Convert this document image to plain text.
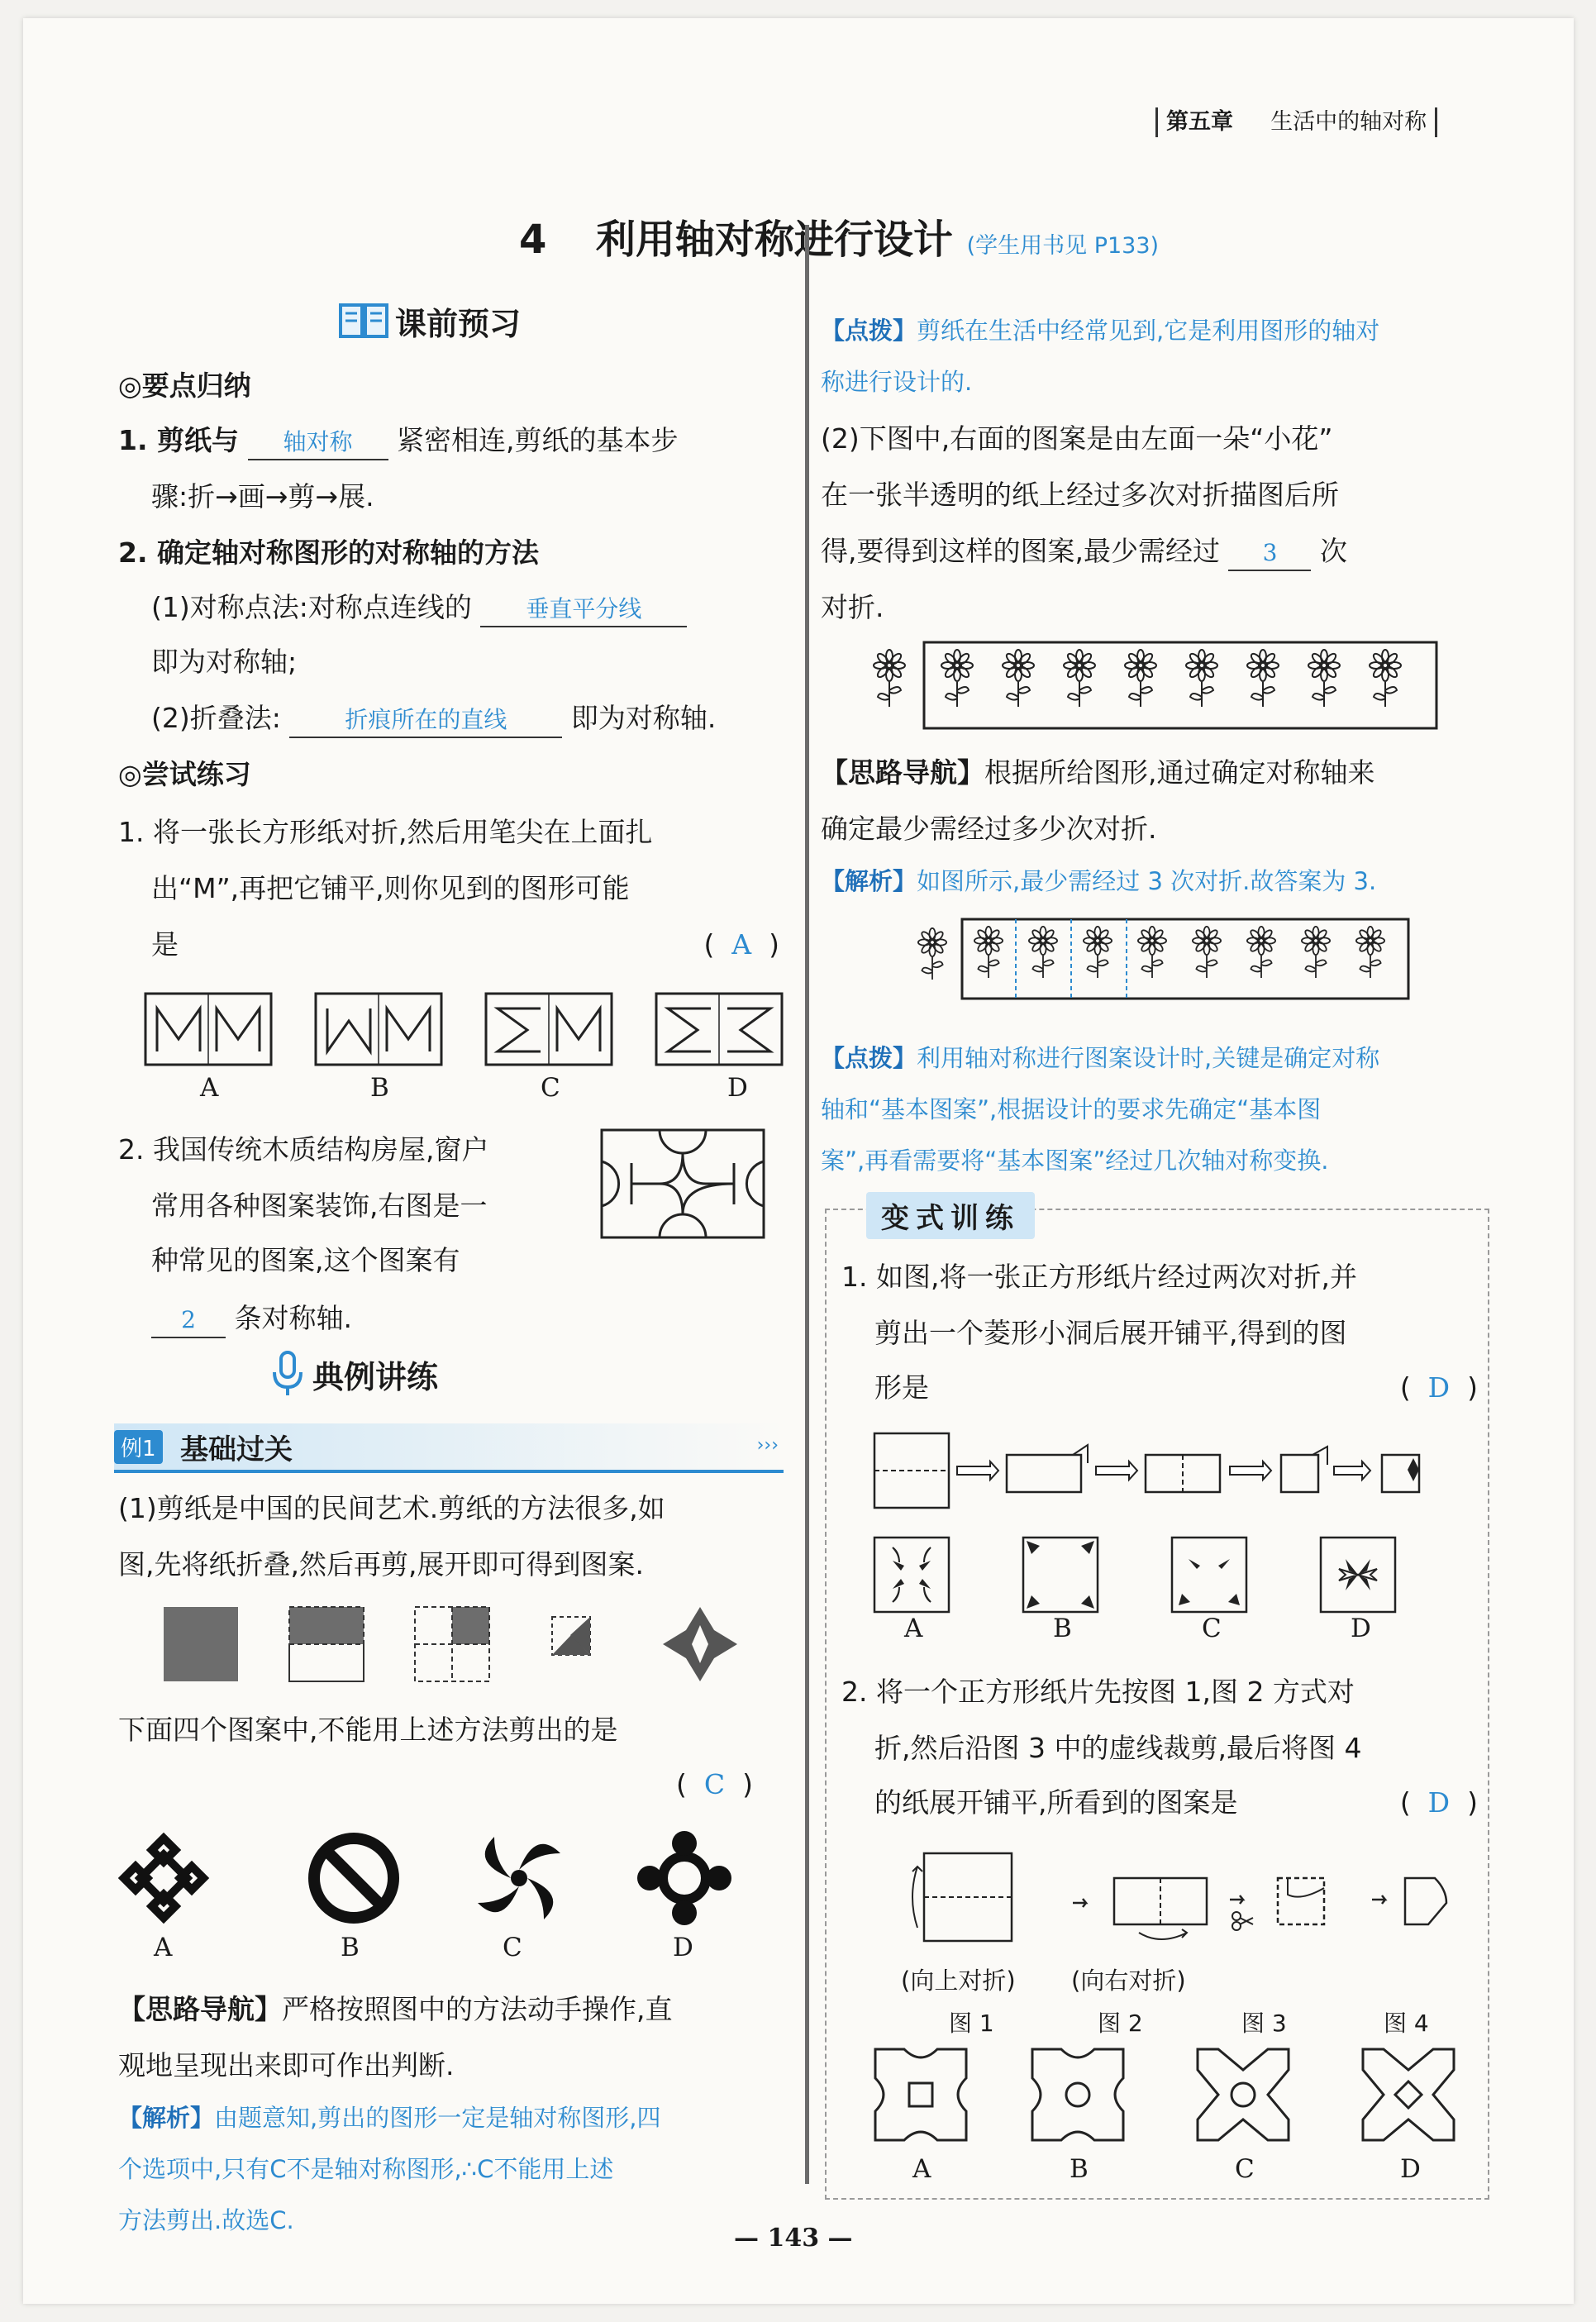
第五章 生活中的轴对称
4 利用轴对称进行设计 (学生用书见 P133)
课前预习
◎要点归纳
1. 剪纸与 轴对称 紧密相连,剪纸的基本步
骤:折→画→剪→展.
2. 确定轴对称图形的对称轴的方法
(1)对称点法:对称点连线的 垂直平分线
即为对称轴;
(2)折叠法:	折痕所在的直线 即为对称轴.
◎尝试练习
1. 将一张长方形纸对折,然后用笔尖在上面扎
出“M”,再把它铺平,则你见到的图形可能
是	(  A  )
A	B	C	D
2. 我国传统木质结构房屋,窗户
常用各种图案装饰,右图是一
种常见的图案,这个图案有
2 条对称轴.
典例讲练
例1 基础过关	›››
(1)剪纸是中国的民间艺术.剪纸的方法很多,如
图,先将纸折叠,然后再剪,展开即可得到图案.
下面四个图案中,不能用上述方法剪出的是
(  C  )
A	B	C	D
【思路导航】严格按照图中的方法动手操作,直
观地呈现出来即可作出判断.
【解析】由题意知,剪出的图形一定是轴对称图形,四
个选项中,只有C不是轴对称图形,∴C不能用上述
方法剪出.故选C.
【点拨】剪纸在生活中经常见到,它是利用图形的轴对
称进行设计的.
(2)下图中,右面的图案是由左面一朵“小花”
在一张半透明的纸上经过多次对折描图后所
得,要得到这样的图案,最少需经过 3 次
对折.
【思路导航】根据所给图形,通过确定对称轴来
确定最少需经过多少次对折.
【解析】如图所示,最少需经过 3 次对折.故答案为 3.
【点拨】利用轴对称进行图案设计时,关键是确定对称
轴和“基本图案”,根据设计的要求先确定“基本图
案”,再看需要将“基本图案”经过几次轴对称变换.
变式训练
1. 如图,将一张正方形纸片经过两次对折,并
剪出一个菱形小洞后展开铺平,得到的图
形是	(  D  )
A	B	C	D
2. 将一个正方形纸片先按图 1,图 2 方式对
折,然后沿图 3 中的虚线裁剪,最后将图 4
的纸展开铺平,所看到的图案是	(  D  )
(向上对折) (向右对折)
图 1	图 2	图 3	图 4
A	B	C	D
— 143 —
